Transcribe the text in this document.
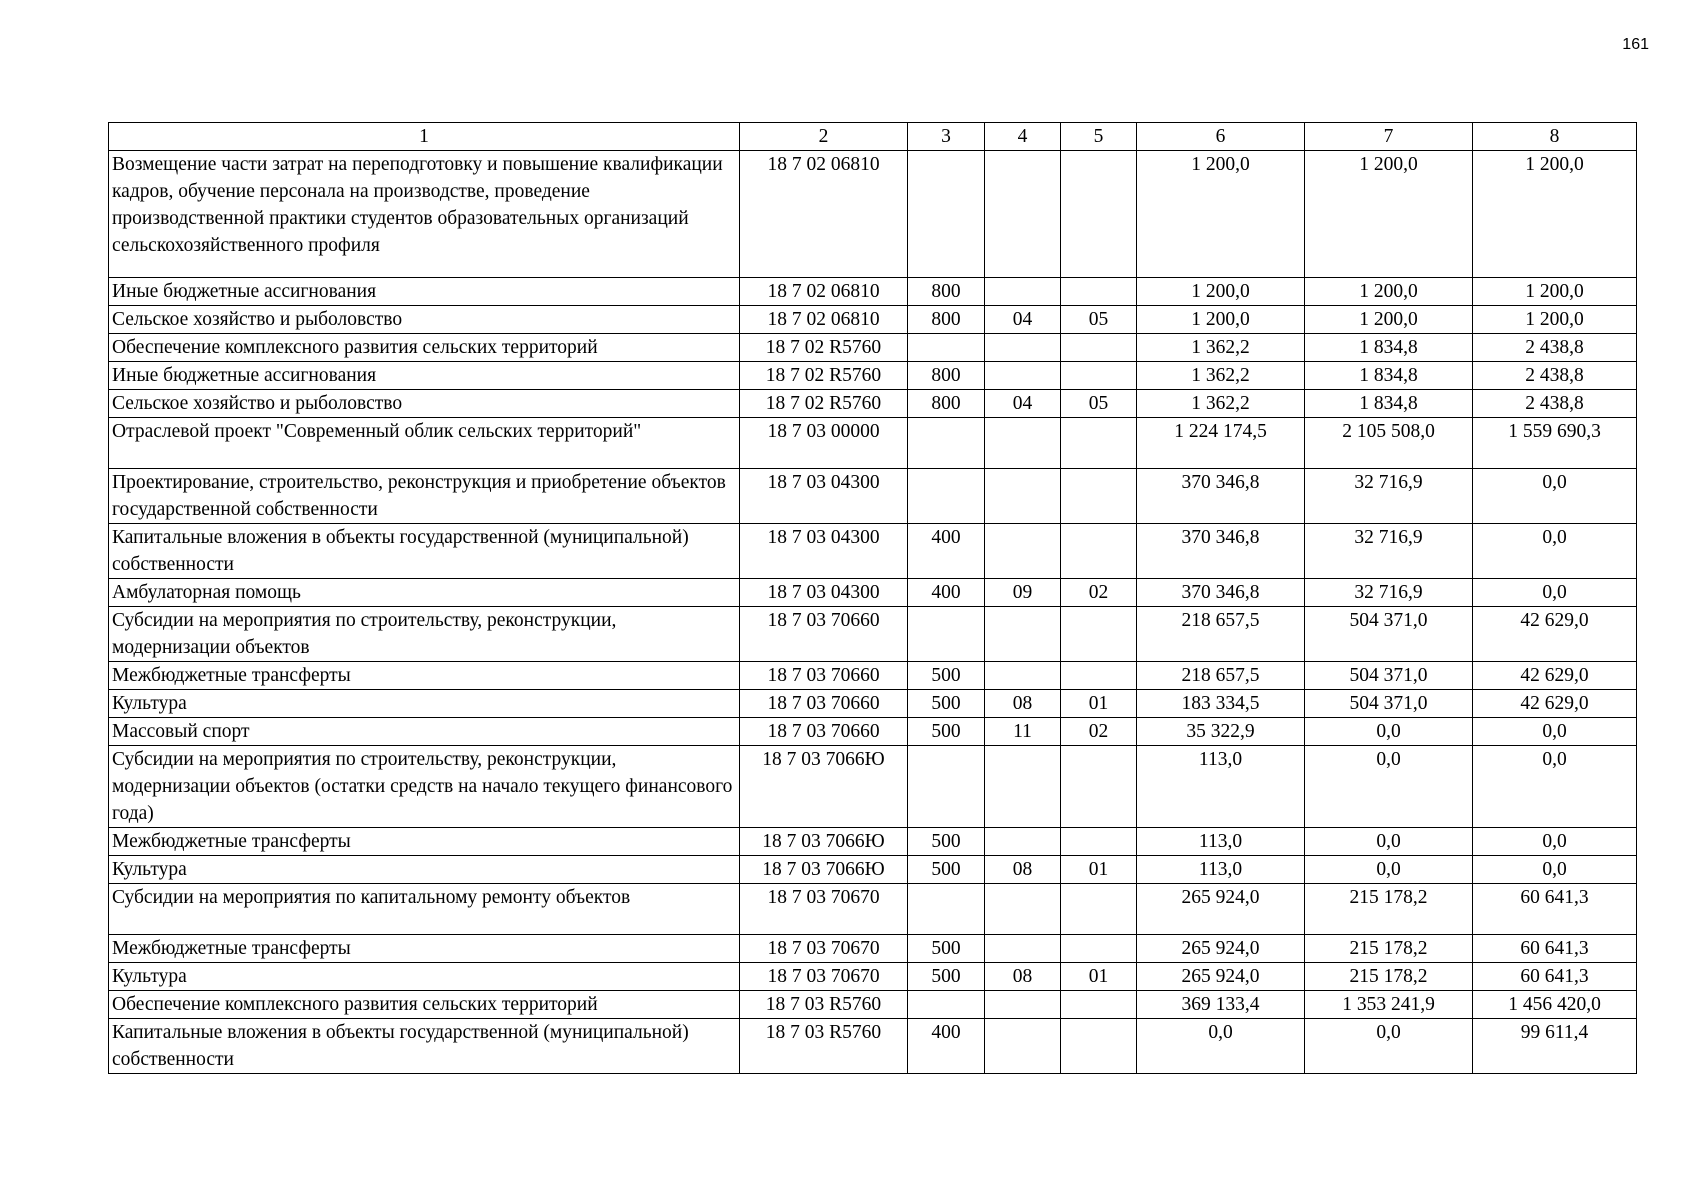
161
1	2	3	4	5	6	7	8
Возмещение части затрат на переподготовку и повышение квалификации кадров, обучение персонала на производстве, проведение производственной практики студентов образовательных организаций сельскохозяйственного профиля	18 7 02 06810				1 200,0	1 200,0	1 200,0
Иные бюджетные ассигнования	18 7 02 06810	800			1 200,0	1 200,0	1 200,0
Сельское хозяйство и рыболовство	18 7 02 06810	800	04	05	1 200,0	1 200,0	1 200,0
Обеспечение комплексного развития сельских территорий	18 7 02 R5760				1 362,2	1 834,8	2 438,8
Иные бюджетные ассигнования	18 7 02 R5760	800			1 362,2	1 834,8	2 438,8
Сельское хозяйство и рыболовство	18 7 02 R5760	800	04	05	1 362,2	1 834,8	2 438,8
Отраслевой проект "Современный облик сельских территорий"	18 7 03 00000				1 224 174,5	2 105 508,0	1 559 690,3
Проектирование, строительство, реконструкция и приобретение объектов государственной собственности	18 7 03 04300				370 346,8	32 716,9	0,0
Капитальные вложения в объекты государственной (муниципальной) собственности	18 7 03 04300	400			370 346,8	32 716,9	0,0
Амбулаторная помощь	18 7 03 04300	400	09	02	370 346,8	32 716,9	0,0
Субсидии на мероприятия по строительству, реконструкции, модернизации объектов	18 7 03 70660				218 657,5	504 371,0	42 629,0
Межбюджетные трансферты	18 7 03 70660	500			218 657,5	504 371,0	42 629,0
Культура	18 7 03 70660	500	08	01	183 334,5	504 371,0	42 629,0
Массовый спорт	18 7 03 70660	500	11	02	35 322,9	0,0	0,0
Субсидии на мероприятия по строительству, реконструкции, модернизации объектов (остатки средств на начало текущего финансового года)	18 7 03 7066Ю				113,0	0,0	0,0
Межбюджетные трансферты	18 7 03 7066Ю	500			113,0	0,0	0,0
Культура	18 7 03 7066Ю	500	08	01	113,0	0,0	0,0
Субсидии на мероприятия по капитальному ремонту объектов	18 7 03 70670				265 924,0	215 178,2	60 641,3
Межбюджетные трансферты	18 7 03 70670	500			265 924,0	215 178,2	60 641,3
Культура	18 7 03 70670	500	08	01	265 924,0	215 178,2	60 641,3
Обеспечение комплексного развития сельских территорий	18 7 03 R5760				369 133,4	1 353 241,9	1 456 420,0
Капитальные вложения в объекты государственной (муниципальной) собственности	18 7 03 R5760	400			0,0	0,0	99 611,4
